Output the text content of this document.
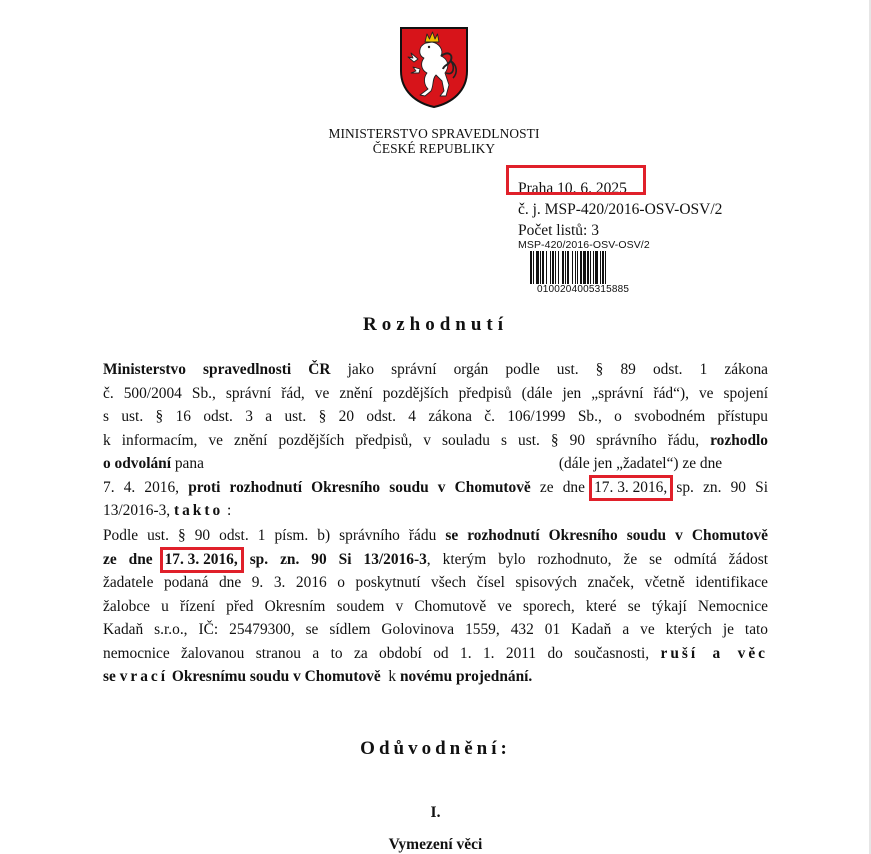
MINISTERSTVO SPRAVEDLNOSTI
ČESKÉ REPUBLIKY
Praha 10. 6. 2025
č. j. MSP-420/2016-OSV-OSV/2
Počet listů: 3
MSP-420/2016-OSV-OSV/2
0100204005315885
Rozhodnutí
Ministerstvo spravedlnosti ČR jako správní orgán podle ust. § 89 odst. 1 zákona
č. 500/2004 Sb., správní řád, ve znění pozdějších předpisů (dále jen „správní řád“), ve spojení
s ust. § 16 odst. 3 a ust. § 20 odst. 4 zákona č. 106/1999 Sb., o svobodném přístupu
k informacím, ve znění pozdějších předpisů, v souladu s ust. § 90 správního řádu, rozhodlo
o odvolání pana	(dále jen „žadatel“) ze dne
7. 4. 2016, proti rozhodnutí Okresního soudu v Chomutově ze dne 17. 3. 2016, sp. zn. 90 Si
13/2016-3, takto :
Podle ust. § 90 odst. 1 písm. b) správního řádu se rozhodnutí Okresního soudu v Chomutově
ze dne 17. 3. 2016, sp. zn. 90 Si 13/2016-3, kterým bylo rozhodnuto, že se odmítá žádost
žadatele podaná dne 9. 3. 2016 o poskytnutí všech čísel spisových značek, včetně identifikace
žalobce u řízení před Okresním soudem v Chomutově ve sporech, které se týkají Nemocnice
Kadaň s.r.o., IČ: 25479300, se sídlem Golovinova 1559, 432 01 Kadaň a ve kterých je tato
nemocnice žalovanou stranou a to za období od 1. 1. 2011 do současnosti, ruší a věc
se vrací Okresnímu soudu v Chomutově k novému projednání.
Odůvodnění:
I.
Vymezení věci
